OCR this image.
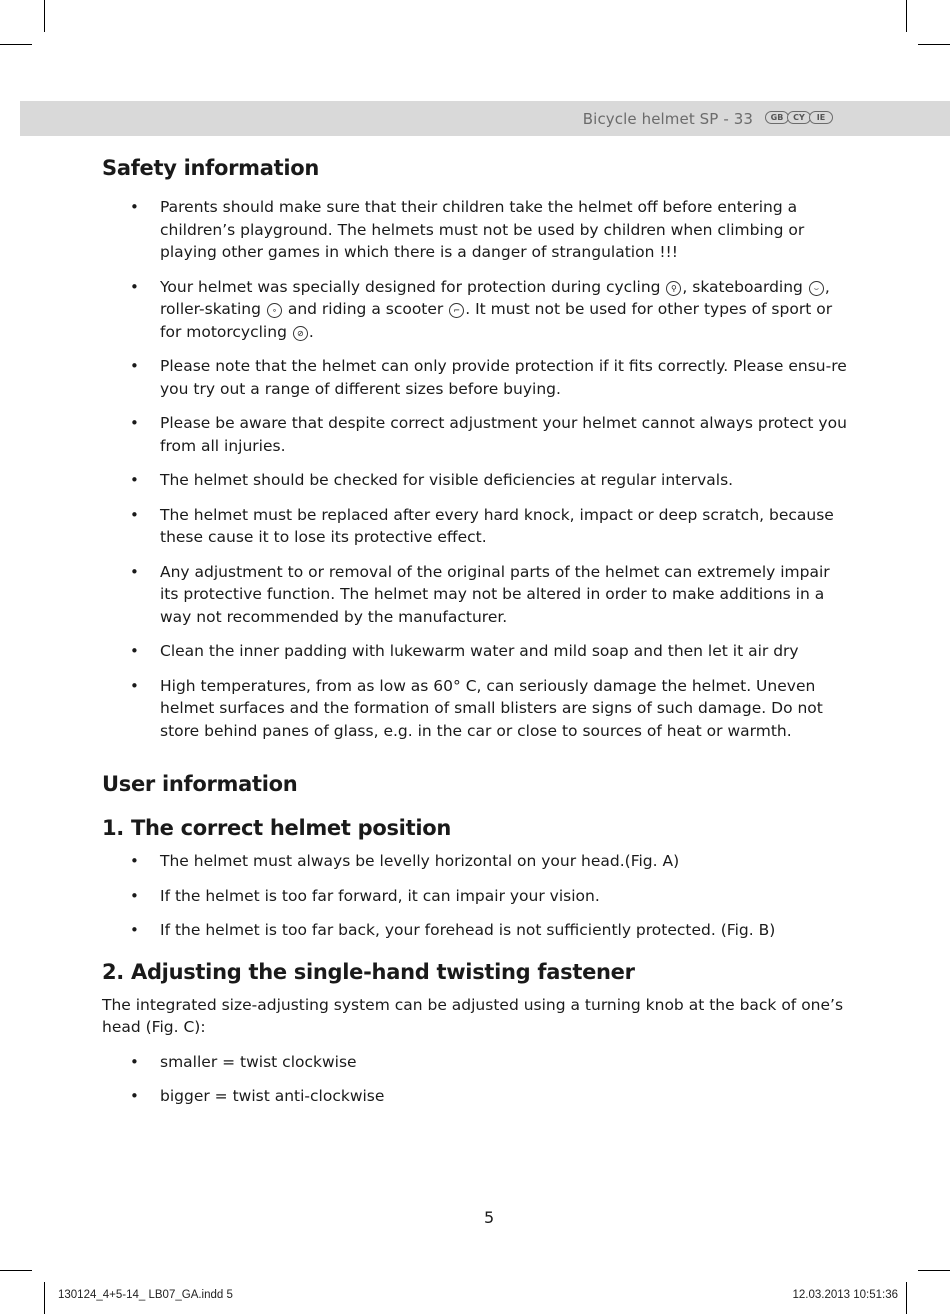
Bicycle helmet SP - 33	GB	CY	IE
Safety information
• Parents should make sure that their children take the helmet off before entering a children’s playground. The helmets must not be used by children when climbing or playing other games in which there is a danger of strangulation !!!
• Your helmet was specially designed for protection during cycling ⚲ , skateboarding ⌣ , roller-skating ∘ and riding a scooter ⌐ . It must not be used for other types of sport or for motorcycling ⊘ .
• Please note that the helmet can only provide protection if it fits correctly. Please ensu-re you try out a range of different sizes before buying.
• Please be aware that despite correct adjustment your helmet cannot always protect you from all injuries.
• The helmet should be checked for visible deficiencies at regular intervals.
• The helmet must be replaced after every hard knock, impact or deep scratch, because these cause it to lose its protective effect.
• Any adjustment to or removal of the original parts of the helmet can extremely impair its protective function. The helmet may not be altered in order to make additions in a way not recommended by the manufacturer.
• Clean the inner padding with lukewarm water and mild soap and then let it air dry
• High temperatures, from as low as 60° C, can seriously damage the helmet. Uneven helmet surfaces and the formation of small blisters are signs of such damage. Do not store behind panes of glass, e.g. in the car or close to sources of heat or warmth.
User information
1. The correct helmet position
• The helmet must always be levelly horizontal on your head.(Fig. A)
• If the helmet is too far forward, it can impair your vision.
• If the helmet is too far back, your forehead is not sufficiently protected. (Fig. B)
2. Adjusting the single-hand twisting fastener

The integrated size-adjusting system can be adjusted using a turning knob at the back of one’s head (Fig. C):

• smaller = twist clockwise
• bigger = twist anti-clockwise
5
130124_4+5-14_ LB07_GA.indd 5	12.03.2013 10:51:36
